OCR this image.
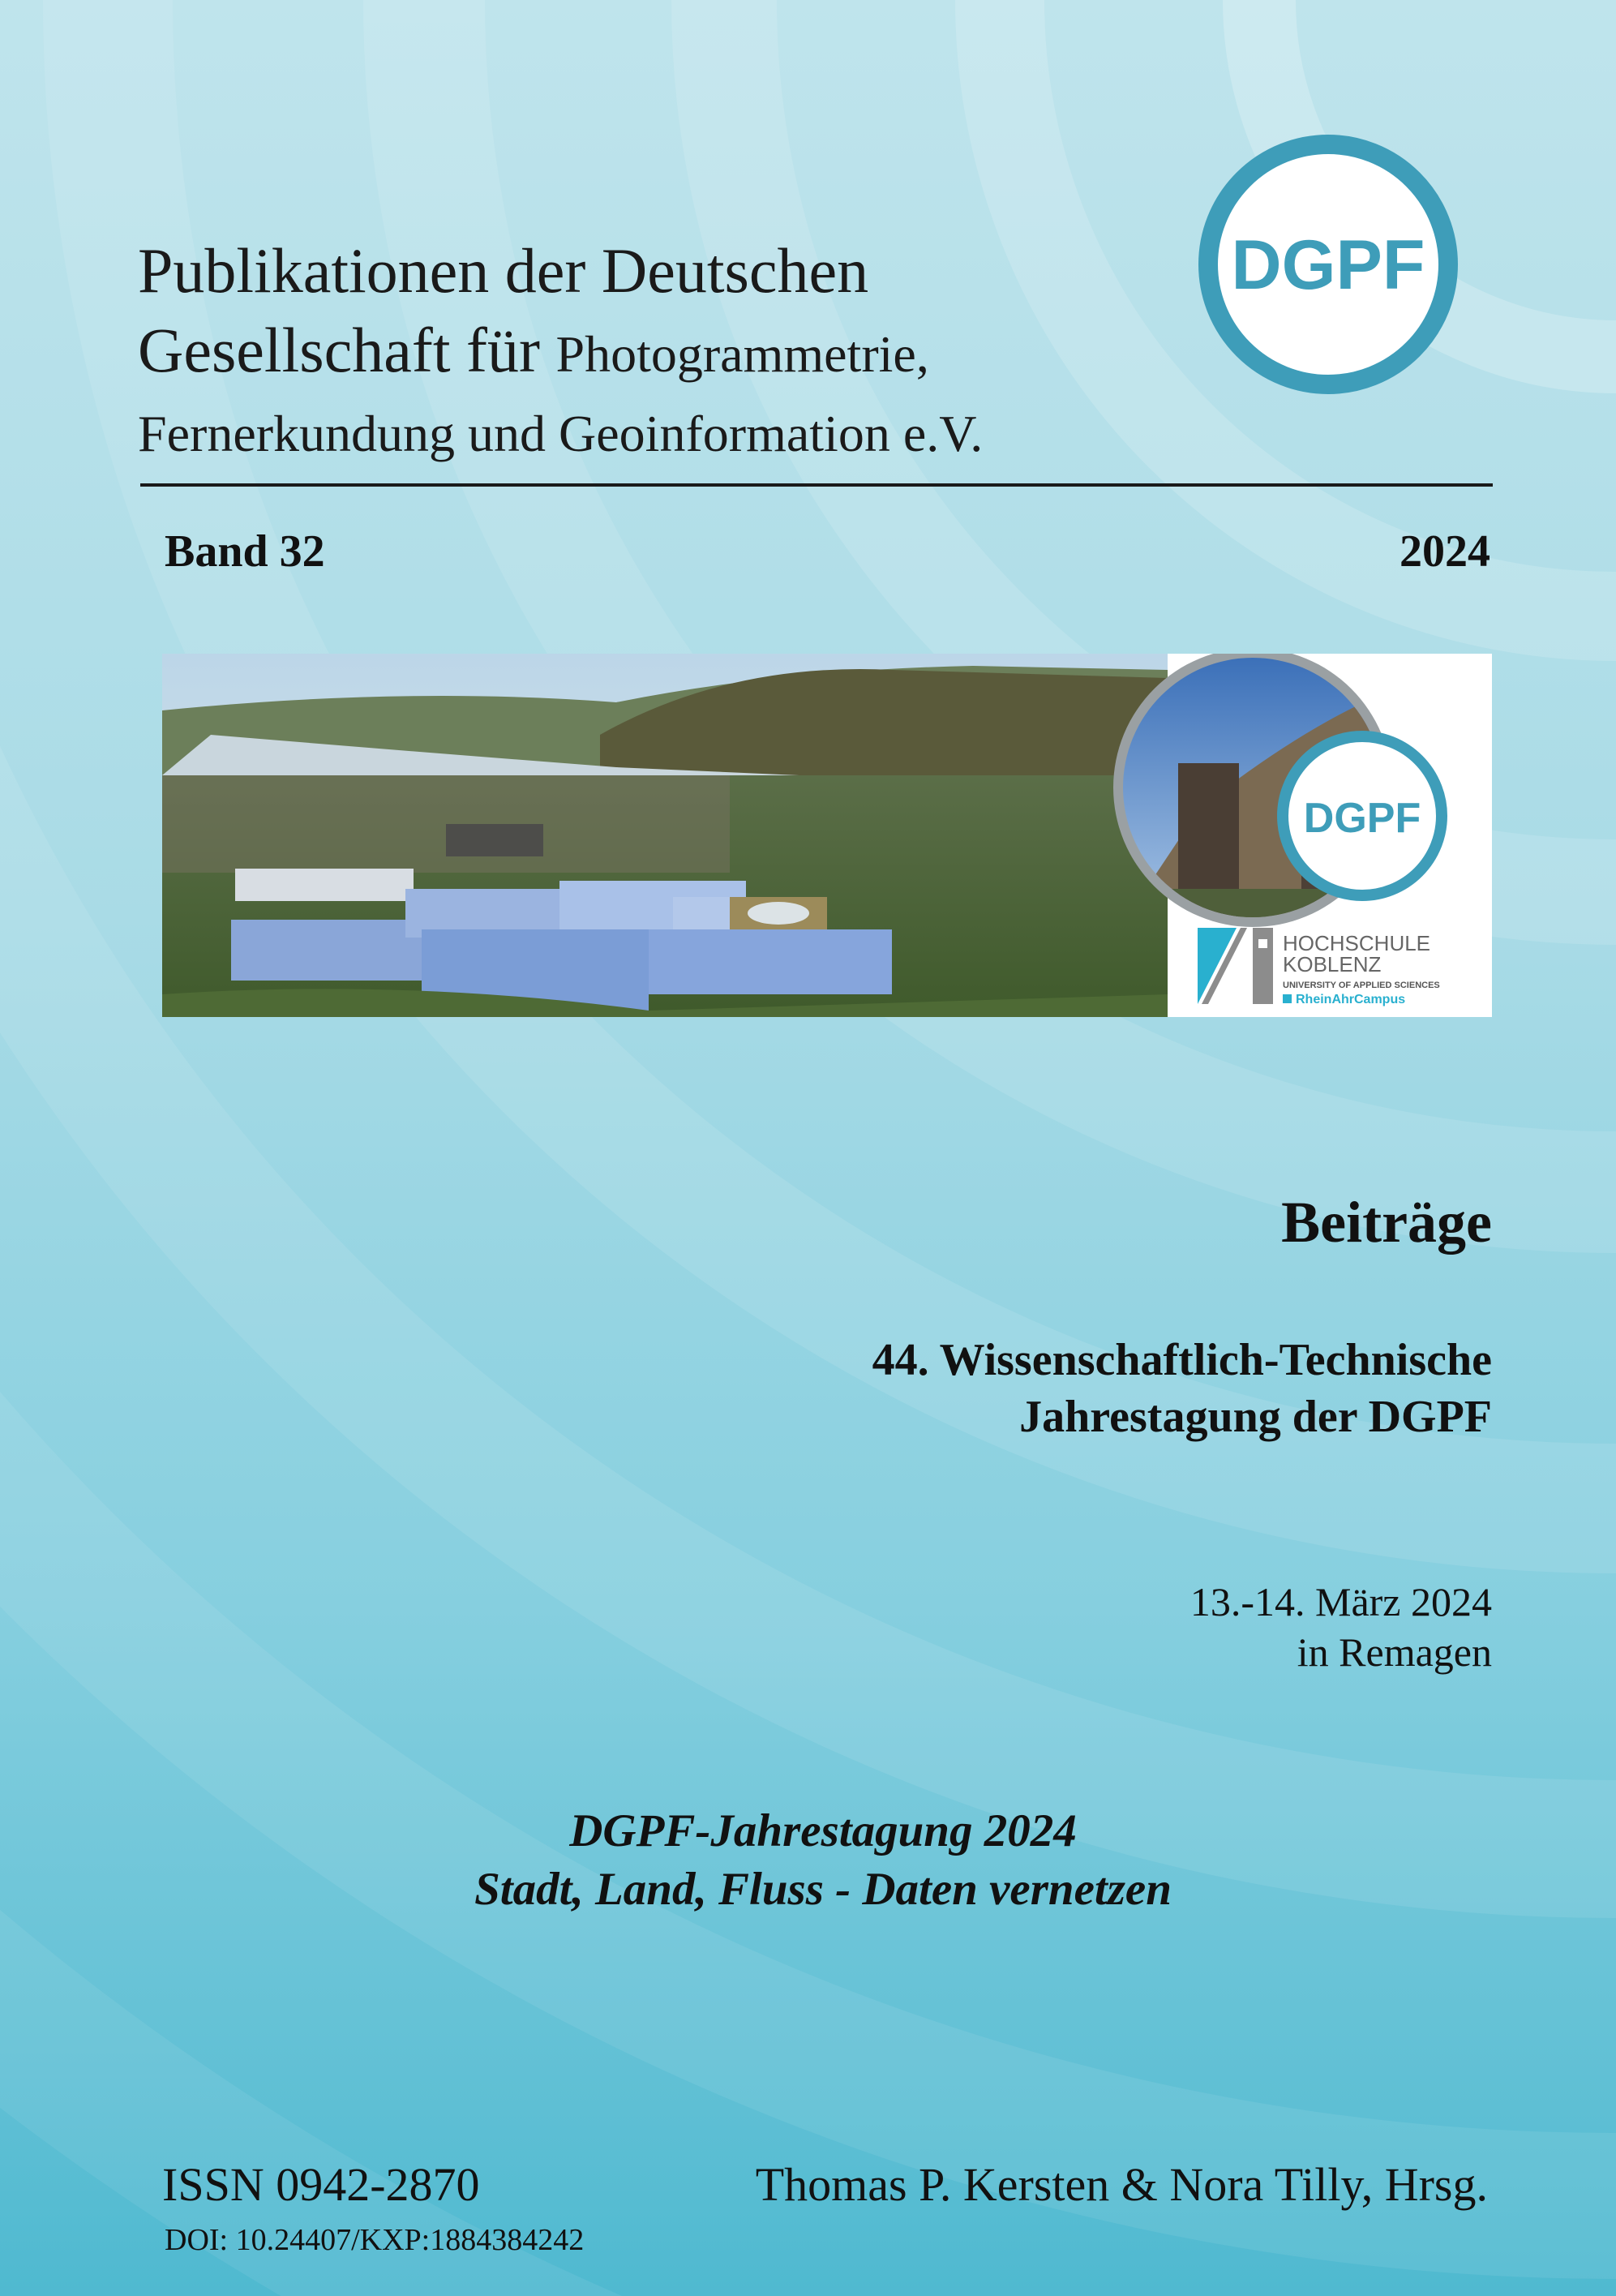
Publikationen der Deutschen
Gesellschaft für Photogrammetrie,
Fernerkundung und Geoinformation e.V.
DGPF
Band 32	2024
DGPF
HOCHSCHULE
KOBLENZ
UNIVERSITY OF APPLIED SCIENCES
RheinAhrCampus
Beiträge
44. Wissenschaftlich-Technische
Jahrestagung der DGPF
13.-14. März 2024
in Remagen
DGPF-Jahrestagung 2024
Stadt, Land, Fluss - Daten vernetzen
ISSN 0942-2870
DOI: 10.24407/KXP:1884384242
Thomas P. Kersten & Nora Tilly, Hrsg.
